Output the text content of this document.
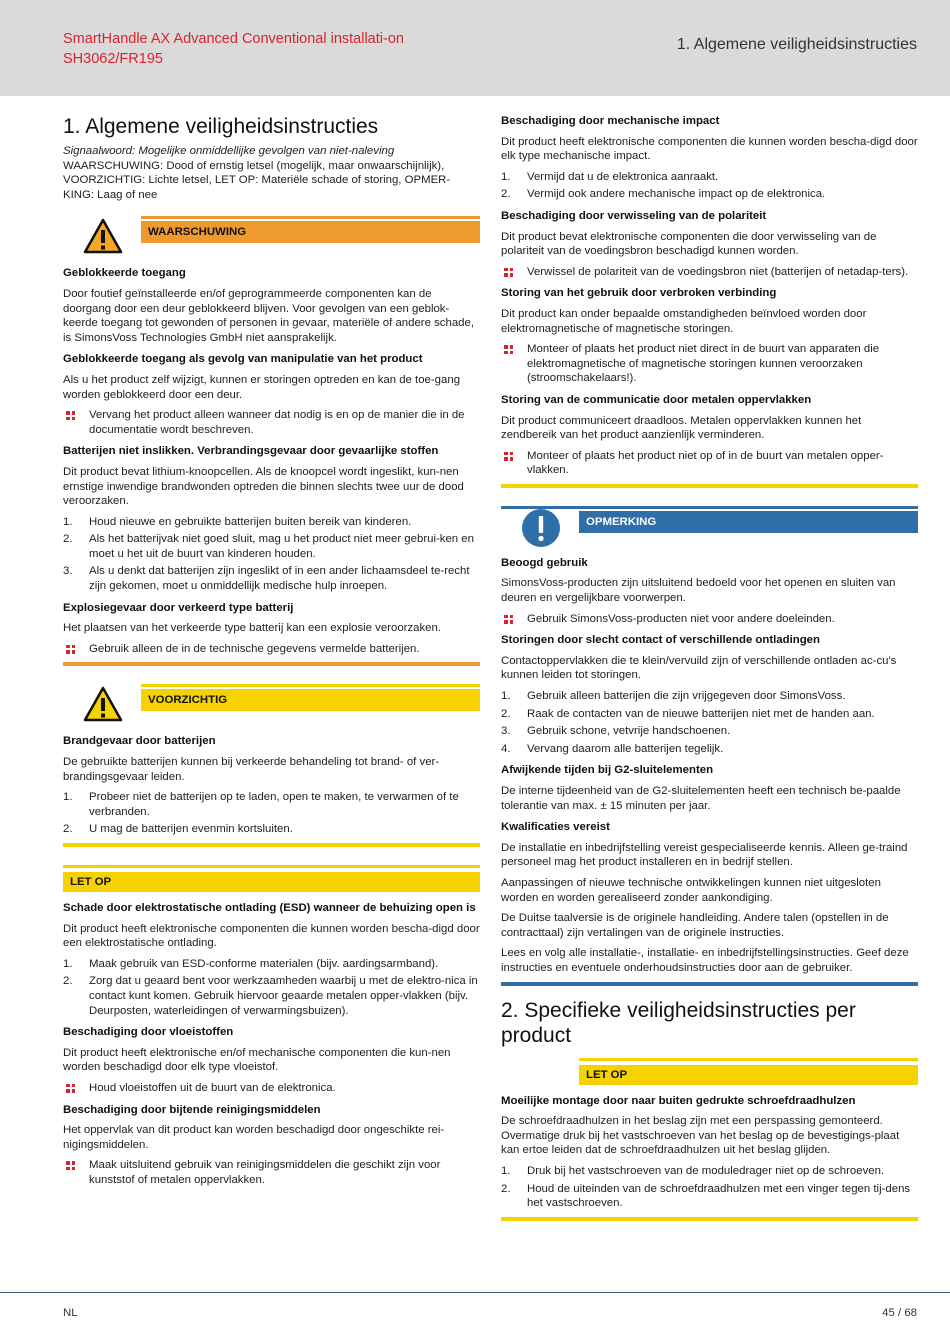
SmartHandle AX Advanced Conventional installati-on SH3062/FR195
1. Algemene veiligheidsinstructies
1. Algemene veiligheidsinstructies

Signaalwoord: Mogelijke onmiddellijke gevolgen van niet-naleving
WAARSCHUWING: Dood of ernstig letsel (mogelijk, maar onwaarschijnlijk), VOORZICHTIG: Lichte letsel, LET OP: Materiële schade of storing, OPMER-KING: Laag of nee

WAARSCHUWING
Geblokkeerde toegang

Door foutief geïnstalleerde en/of geprogrammeerde componenten kan de doorgang door een deur geblokkeerd blijven. Voor gevolgen van een geblok-keerde toegang tot gewonden of personen in gevaar, materiële of andere schade, is SimonsVoss Technologies GmbH niet aansprakelijk.

Geblokkeerde toegang als gevolg van manipulatie van het product

Als u het product zelf wijzigt, kunnen er storingen optreden en kan de toe-gang worden geblokkeerd door een deur.

Vervang het product alleen wanneer dat nodig is en op de manier die in de documentatie wordt beschreven.
Batterijen niet inslikken. Verbrandingsgevaar door gevaarlijke stoffen

Dit product bevat lithium-knoopcellen. Als de knoopcel wordt ingeslikt, kun-nen ernstige inwendige brandwonden optreden die binnen slechts twee uur de dood veroorzaken.

1. Houd nieuwe en gebruikte batterijen buiten bereik van kinderen.
2. Als het batterijvak niet goed sluit, mag u het product niet meer gebrui-ken en moet u het uit de buurt van kinderen houden.
3. Als u denkt dat batterijen zijn ingeslikt of in een ander lichaamsdeel te-recht zijn gekomen, moet u onmiddellijk medische hulp inroepen.
Explosiegevaar door verkeerd type batterij

Het plaatsen van het verkeerde type batterij kan een explosie veroorzaken.

Gebruik alleen de in de technische gegevens vermelde batterijen.
VOORZICHTIG
Brandgevaar door batterijen

De gebruikte batterijen kunnen bij verkeerde behandeling tot brand- of ver-brandingsgevaar leiden.

1. Probeer niet de batterijen op te laden, open te maken, te verwarmen of te verbranden.
2. U mag de batterijen evenmin kortsluiten.
LET OP
Schade door elektrostatische ontlading (ESD) wanneer de behuizing open is

Dit product heeft elektronische componenten die kunnen worden bescha-digd door een elektrostatische ontlading.

1. Maak gebruik van ESD-conforme materialen (bijv. aardingsarmband).
2. Zorg dat u geaard bent voor werkzaamheden waarbij u met de elektro-nica in contact kunt komen. Gebruik hiervoor geaarde metalen opper-vlakken (bijv. Deurposten, waterleidingen of verwarmingsbuizen).
Beschadiging door vloeistoffen

Dit product heeft elektronische en/of mechanische componenten die kun-nen worden beschadigd door elk type vloeistof.

Houd vloeistoffen uit de buurt van de elektronica.
Beschadiging door bijtende reinigingsmiddelen

Het oppervlak van dit product kan worden beschadigd door ongeschikte rei-nigingsmiddelen.

Maak uitsluitend gebruik van reinigingsmiddelen die geschikt zijn voor kunststof of metalen oppervlakken.
Beschadiging door mechanische impact

Dit product heeft elektronische componenten die kunnen worden bescha-digd door elk type mechanische impact.

1. Vermijd dat u de elektronica aanraakt.
2. Vermijd ook andere mechanische impact op de elektronica.
Beschadiging door verwisseling van de polariteit

Dit product bevat elektronische componenten die door verwisseling van de polariteit van de voedingsbron beschadigd kunnen worden.

Verwissel de polariteit van de voedingsbron niet (batterijen of netadap-ters).
Storing van het gebruik door verbroken verbinding

Dit product kan onder bepaalde omstandigheden beïnvloed worden door elektromagnetische of magnetische storingen.

Monteer of plaats het product niet direct in de buurt van apparaten die elektromagnetische of magnetische storingen kunnen veroorzaken (stroomschakelaars!).
Storing van de communicatie door metalen oppervlakken

Dit product communiceert draadloos. Metalen oppervlakken kunnen het zendbereik van het product aanzienlijk verminderen.

Monteer of plaats het product niet op of in de buurt van metalen opper-vlakken.
OPMERKING
Beoogd gebruik

SimonsVoss-producten zijn uitsluitend bedoeld voor het openen en sluiten van deuren en vergelijkbare voorwerpen.

Gebruik SimonsVoss-producten niet voor andere doeleinden.
Storingen door slecht contact of verschillende ontladingen

Contactoppervlakken die te klein/vervuild zijn of verschillende ontladen ac-cu's kunnen leiden tot storingen.

1. Gebruik alleen batterijen die zijn vrijgegeven door SimonsVoss.
2. Raak de contacten van de nieuwe batterijen niet met de handen aan.
3. Gebruik schone, vetvrije handschoenen.
4. Vervang daarom alle batterijen tegelijk.
Afwijkende tijden bij G2-sluitelementen

De interne tijdeenheid van de G2-sluitelementen heeft een technisch be-paalde tolerantie van max. ± 15 minuten per jaar.

Kwalificaties vereist

De installatie en inbedrijfstelling vereist gespecialiseerde kennis. Alleen ge-traind personeel mag het product installeren en in bedrijf stellen.

Aanpassingen of nieuwe technische ontwikkelingen kunnen niet uitgesloten worden en worden gerealiseerd zonder aankondiging.

De Duitse taalversie is de originele handleiding. Andere talen (opstellen in de contracttaal) zijn vertalingen van de originele instructies.

Lees en volg alle installatie-, installatie- en inbedrijfstellingsinstructies. Geef deze instructies en eventuele onderhoudsinstructies door aan de gebruiker.

2. Specifieke veiligheidsinstructies per product
LET OP
Moeilijke montage door naar buiten gedrukte schroefdraadhulzen

De schroefdraadhulzen in het beslag zijn met een perspassing gemonteerd. Overmatige druk bij het vastschroeven van het beslag op de bevestigings-plaat kan ertoe leiden dat de schroefdraadhulzen uit het beslag glijden.

1. Druk bij het vastschroeven van de moduledrager niet op de schroeven.
2. Houd de uiteinden van de schroefdraadhulzen met een vinger tegen tij-dens het vastschroeven.
NL	45 / 68
